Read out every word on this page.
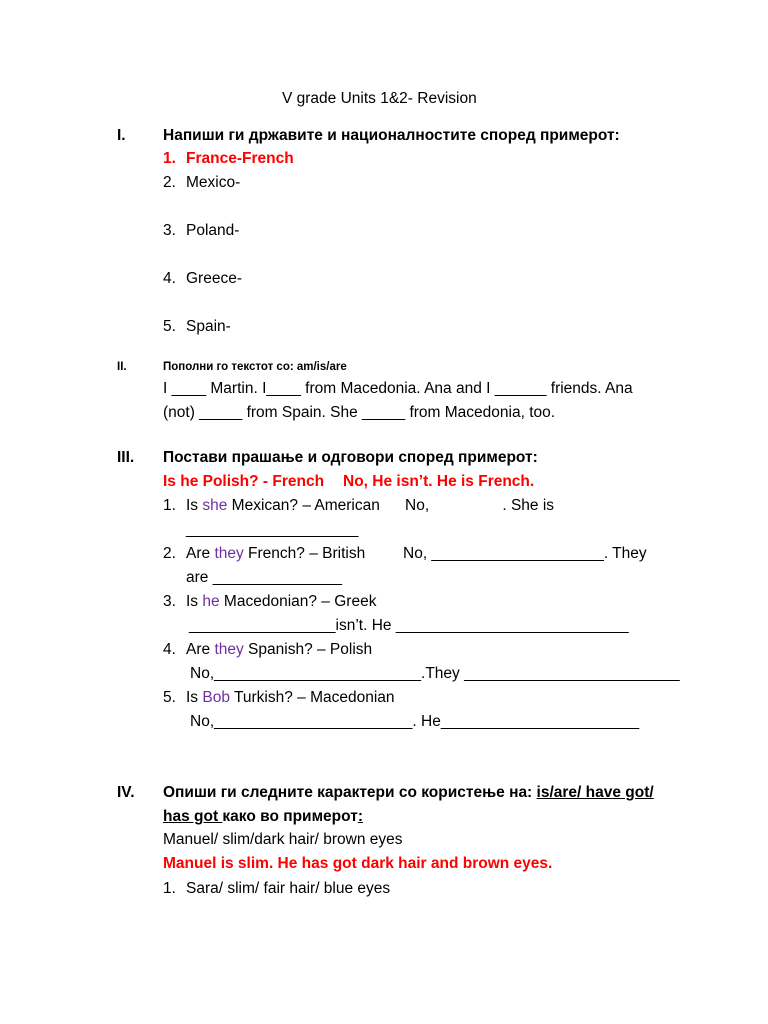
V grade Units 1&2- Revision
I. Напиши ги државите и националностите според примерот:
1. France-French
2. Mexico-
3. Poland-
4. Greece-
5. Spain-
II.	Пополни го текстот со: am/is/are
I ____ Martin. I____ from Macedonia. Ana and I ______ friends. Ana
(not) _____ from Spain. She _____ from Macedonia, too.
III. Постави прашање и одговори според примерот:
Is he Polish? - French No, He isn’t. He is French.
1. Is she Mexican? – American No,                 . She is
____________________
2. Are they French? – British No, ____________________. They
are _______________
3. Is he Macedonian? – Greek
_________________isn’t. He ___________________________
4. Are they Spanish? – Polish
No,________________________.They _________________________
5. Is Bob Turkish? – Macedonian
No,_______________________. He_______________________
IV. Опиши ги следните карактери со користење на: is/are/ have got/
has got како во примерот:
Manuel/ slim/dark hair/ brown eyes
Manuel is slim. He has got dark hair and brown eyes.
1. Sara/ slim/ fair hair/ blue eyes
